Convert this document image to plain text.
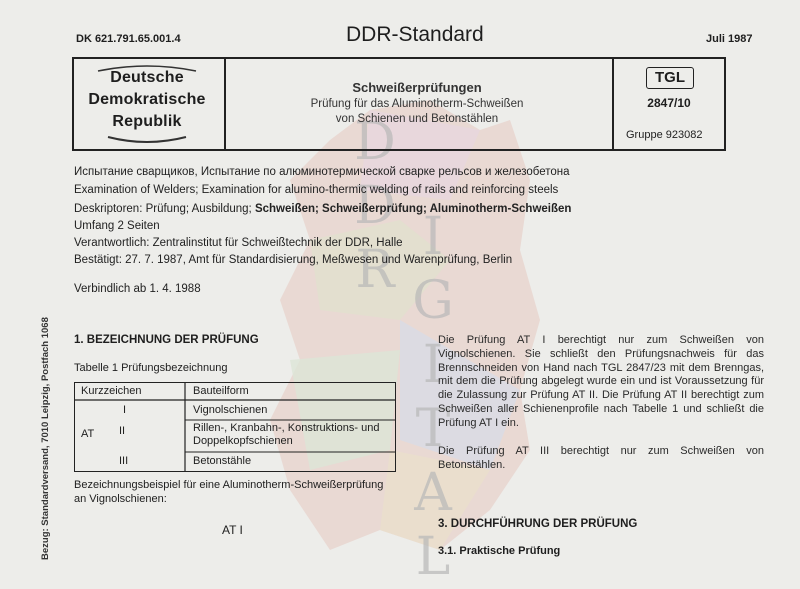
D
D
R
I
G
I
T
A
L
DK 621.791.65.001.4	DDR-Standard	Juli 1987
Schweißerprüfungen
Prüfung für das Aluminotherm-Schweißen
von Schienen und Betonstählen
TGL
2847/10
Gruppe 923082
Deutsche
Demokratische
Republik
Испытание сварщиков, Испытание по алюминотермической сварке рельсов и железобетона
Examination of Welders; Examination for alumino-thermic welding of rails and reinforcing steels
Deskriptoren: Prüfung; Ausbildung; Schweißen; Schweißerprüfung; Aluminotherm-Schweißen
Umfang 2 Seiten
Verantwortlich: Zentralinstitut für Schweißtechnik der DDR, Halle
Bestätigt: 27. 7. 1987, Amt für Standardisierung, Meßwesen und Warenprüfung, Berlin
Verbindlich ab 1. 4. 1988
Bezug: Standardversand, 7010 Leipzig, Postfach 1068 1. BEZEICHNUNG DER PRÜFUNG
Tabelle 1 Prüfungsbezeichnung
Kurzzeichen	Bauteilform
AT
I	Vignolschienen
II	Rillen-, Kranbahn-, Konstruktions- und Doppelkopfschienen
III	Betonstähle
Bezeichnungsbeispiel für eine Aluminotherm-Schweißerprüfung an Vignolschienen:
AT I
Die Prüfung AT I berechtigt nur zum Schweißen von Vignolschienen. Sie schließt den Prüfungsnachweis für das Brennschneiden von Hand nach TGL 2847/23 mit dem Brenngas, mit dem die Prüfung abgelegt wurde ein und ist Voraussetzung für die Zulassung zur Prüfung AT II. Die Prüfung AT II berechtigt zum Schweißen aller Schienenprofile nach Tabelle 1 und schließt die Prüfung AT I ein.
Die Prüfung AT III berechtigt nur zum Schweißen von Betonstählen.
3. DURCHFÜHRUNG DER PRÜFUNG
3.1. Praktische Prüfung
